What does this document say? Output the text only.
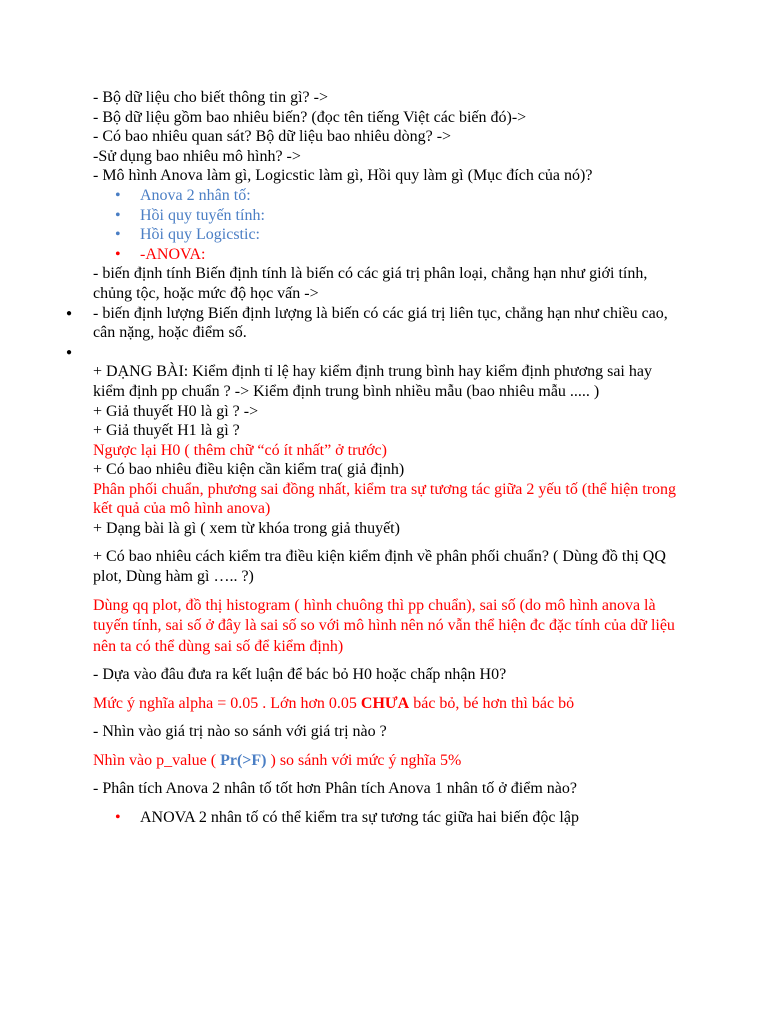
- Bộ dữ liệu cho biết thông tin gì? ->

- Bộ dữ liệu gồm bao nhiêu biến? (đọc tên tiếng Việt các biến đó)->

- Có bao nhiêu quan sát? Bộ dữ liệu bao nhiêu dòng? ->

-Sử dụng bao nhiêu mô hình? ->

- Mô hình Anova làm gì, Logicstic làm gì, Hồi quy làm gì (Mục đích của nó)?

• Anova 2 nhân tố:
• Hồi quy tuyến tính:
• Hồi quy Logicstic:
• -ANOVA:

- biến định tính Biến định tính là biến có các giá trị phân loại, chẳng hạn như giới tính, chủng tộc, hoặc mức độ học vấn ->

● - biến định lượng Biến định lượng là biến có các giá trị liên tục, chẳng hạn như chiều cao, cân nặng, hoặc điểm số.

●

+ DẠNG BÀI: Kiểm định tỉ lệ hay kiểm định trung bình hay kiểm định phương sai hay kiểm định pp chuẩn ? -> Kiểm định trung bình nhiều mẫu (bao nhiêu mẫu ..... )

+ Giả thuyết H0 là gì ? ->

+ Giả thuyết H1 là gì ?

Ngược lại H0 ( thêm chữ “có ít nhất” ở trước)

+ Có bao nhiêu điều kiện cần kiểm tra( giả định)

Phân phối chuẩn, phương sai đồng nhất, kiểm tra sự tương tác giữa 2 yếu tố (thể hiện trong kết quả của mô hình anova)

+ Dạng bài là gì ( xem từ khóa trong giả thuyết)

+ Có bao nhiêu cách kiểm tra điều kiện kiểm định về phân phối chuẩn? ( Dùng đồ thị QQ plot, Dùng hàm gì ….. ?)

Dùng qq plot, đồ thị histogram ( hình chuông thì pp chuẩn), sai số (do mô hình anova là tuyến tính, sai số ở đây là sai số so với mô hình nên nó vẫn thể hiện đc đặc tính của dữ liệu nên ta có thể dùng sai số để kiểm định)

- Dựa vào đâu đưa ra kết luận để bác bỏ H0 hoặc chấp nhận H0?

Mức ý nghĩa alpha = 0.05 . Lớn hơn 0.05 CHƯA bác bỏ, bé hơn thì bác bỏ

- Nhìn vào giá trị nào so sánh với giá trị nào ?

Nhìn vào p_value ( Pr(>F) ) so sánh với mức ý nghĩa 5%

- Phân tích Anova 2 nhân tố tốt hơn Phân tích Anova 1 nhân tố ở điểm nào?

• ANOVA 2 nhân tố có thể kiểm tra sự tương tác giữa hai biến độc lập
